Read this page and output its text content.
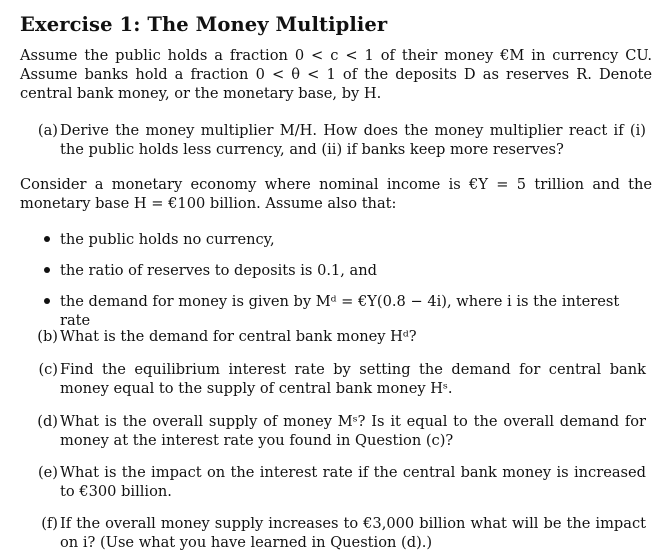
Exercise 1: The Money Multiplier
Assume the public holds a fraction 0 < c < 1 of their money €M in currency CU. Assume banks hold a fraction 0 < θ < 1 of the deposits D as reserves R. Denote central bank money, or the monetary base, by H.
(a) Derive the money multiplier M/H. How does the money multiplier react if (i) the public holds less currency, and (ii) if banks keep more reserves?
Consider a monetary economy where nominal income is €Y = 5 trillion and the monetary base H = €100 billion. Assume also that:
the public holds no currency,
the ratio of reserves to deposits is 0.1, and
the demand for money is given by Mᵈ = €Y(0.8 − 4i), where i is the interest rate
(b) What is the demand for central bank money Hᵈ?
(c) Find the equilibrium interest rate by setting the demand for central bank money equal to the supply of central bank money Hˢ.
(d) What is the overall supply of money Mˢ? Is it equal to the overall demand for money at the interest rate you found in Question (c)?
(e) What is the impact on the interest rate if the central bank money is increased to €300 billion.
(f) If the overall money supply increases to €3,000 billion what will be the impact on i? (Use what you have learned in Question (d).)
